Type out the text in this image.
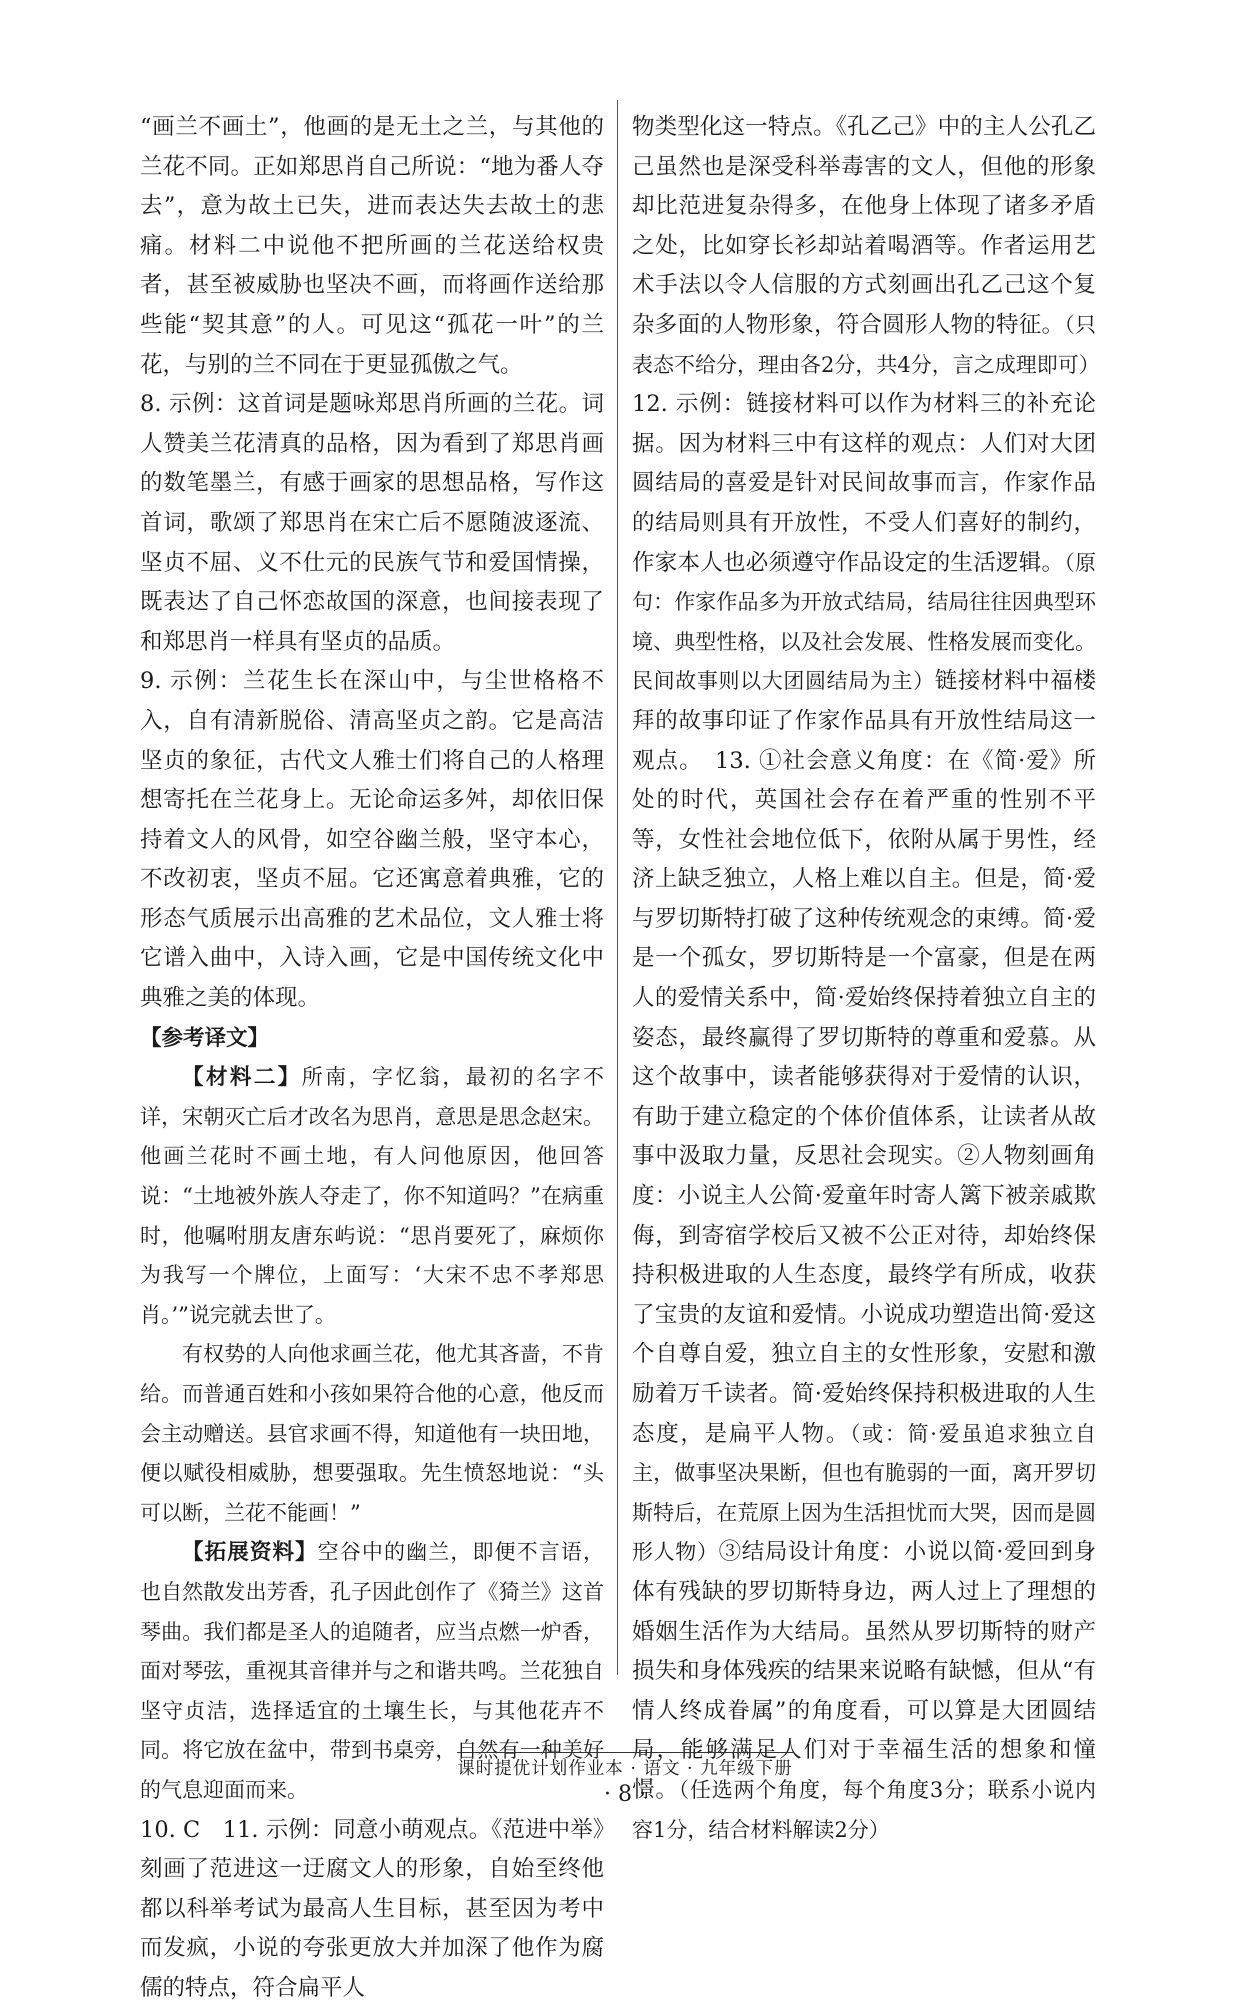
“画兰不画土”，他画的是无土之兰，与其他的兰花不同。正如郑思肖自己所说：“地为番人夺去”，意为故土已失，进而表达失去故土的悲痛。材料二中说他不把所画的兰花送给权贵者，甚至被威胁也坚决不画，而将画作送给那些能“契其意”的人。可见这“孤花一叶”的兰花，与别的兰不同在于更显孤傲之气。

8. 示例：这首词是题咏郑思肖所画的兰花。词人赞美兰花清真的品格，因为看到了郑思肖画的数笔墨兰，有感于画家的思想品格，写作这首词，歌颂了郑思肖在宋亡后不愿随波逐流、坚贞不屈、义不仕元的民族气节和爱国情操，既表达了自己怀恋故国的深意，也间接表现了和郑思肖一样具有坚贞的品质。

9. 示例：兰花生长在深山中，与尘世格格不入，自有清新脱俗、清高坚贞之韵。它是高洁坚贞的象征，古代文人雅士们将自己的人格理想寄托在兰花身上。无论命运多舛，却依旧保持着文人的风骨，如空谷幽兰般，坚守本心，不改初衷，坚贞不屈。它还寓意着典雅，它的形态气质展示出高雅的艺术品位，文人雅士将它谱入曲中，入诗入画，它是中国传统文化中典雅之美的体现。

【参考译文】

【材料二】所南，字忆翁，最初的名字不详，宋朝灭亡后才改名为思肖，意思是思念赵宋。他画兰花时不画土地，有人问他原因，他回答说：“土地被外族人夺走了，你不知道吗？”在病重时，他嘱咐朋友唐东屿说：“思肖要死了，麻烦你为我写一个牌位，上面写：‘大宋不忠不孝郑思肖。’”说完就去世了。

有权势的人向他求画兰花，他尤其吝啬，不肯给。而普通百姓和小孩如果符合他的心意，他反而会主动赠送。县官求画不得，知道他有一块田地，便以赋役相威胁，想要强取。先生愤怒地说：“头可以断，兰花不能画！”

【拓展资料】空谷中的幽兰，即便不言语，也自然散发出芳香，孔子因此创作了《猗兰》这首琴曲。我们都是圣人的追随者，应当点燃一炉香，面对琴弦，重视其音律并与之和谐共鸣。兰花独自坚守贞洁，选择适宜的土壤生长，与其他花卉不同。将它放在盆中，带到书桌旁，自然有一种美好的气息迎面而来。

10. C　11. 示例：同意小萌观点。《范进中举》刻画了范进这一迂腐文人的形象，自始至终他都以科举考试为最高人生目标，甚至因为考中而发疯，小说的夸张更放大并加深了他作为腐儒的特点，符合扁平人

物类型化这一特点。《孔乙己》中的主人公孔乙己虽然也是深受科举毒害的文人，但他的形象却比范进复杂得多，在他身上体现了诸多矛盾之处，比如穿长衫却站着喝酒等。作者运用艺术手法以令人信服的方式刻画出孔乙己这个复杂多面的人物形象，符合圆形人物的特征。（只表态不给分，理由各2分，共4分，言之成理即可）　12. 示例：链接材料可以作为材料三的补充论据。因为材料三中有这样的观点：人们对大团圆结局的喜爱是针对民间故事而言，作家作品的结局则具有开放性，不受人们喜好的制约，作家本人也必须遵守作品设定的生活逻辑。（原句：作家作品多为开放式结局，结局往往因典型环境、典型性格，以及社会发展、性格发展而变化。民间故事则以大团圆结局为主）链接材料中福楼拜的故事印证了作家作品具有开放性结局这一观点。　13. ①社会意义角度：在《简·爱》所处的时代，英国社会存在着严重的性别不平等，女性社会地位低下，依附从属于男性，经济上缺乏独立，人格上难以自主。但是，简·爱与罗切斯特打破了这种传统观念的束缚。简·爱是一个孤女，罗切斯特是一个富豪，但是在两人的爱情关系中，简·爱始终保持着独立自主的姿态，最终赢得了罗切斯特的尊重和爱慕。从这个故事中，读者能够获得对于爱情的认识，有助于建立稳定的个体价值体系，让读者从故事中汲取力量，反思社会现实。②人物刻画角度：小说主人公简·爱童年时寄人篱下被亲戚欺侮，到寄宿学校后又被不公正对待，却始终保持积极进取的人生态度，最终学有所成，收获了宝贵的友谊和爱情。小说成功塑造出简·爱这个自尊自爱，独立自主的女性形象，安慰和激励着万千读者。简·爱始终保持积极进取的人生态度，是扁平人物。（或：简·爱虽追求独立自主，做事坚决果断，但也有脆弱的一面，离开罗切斯特后，在荒原上因为生活担忧而大哭，因而是圆形人物）③结局设计角度：小说以简·爱回到身体有残缺的罗切斯特身边，两人过上了理想的婚姻生活作为大结局。虽然从罗切斯特的财产损失和身体残疾的结果来说略有缺憾，但从“有情人终成眷属”的角度看，可以算是大团圆结局，能够满足人们对于幸福生活的想象和憧憬。（任选两个角度，每个角度3分；联系小说内容1分，结合材料解读2分）

课时提优计划作业本 · 语文 · 九年级下册
· 8 ·
